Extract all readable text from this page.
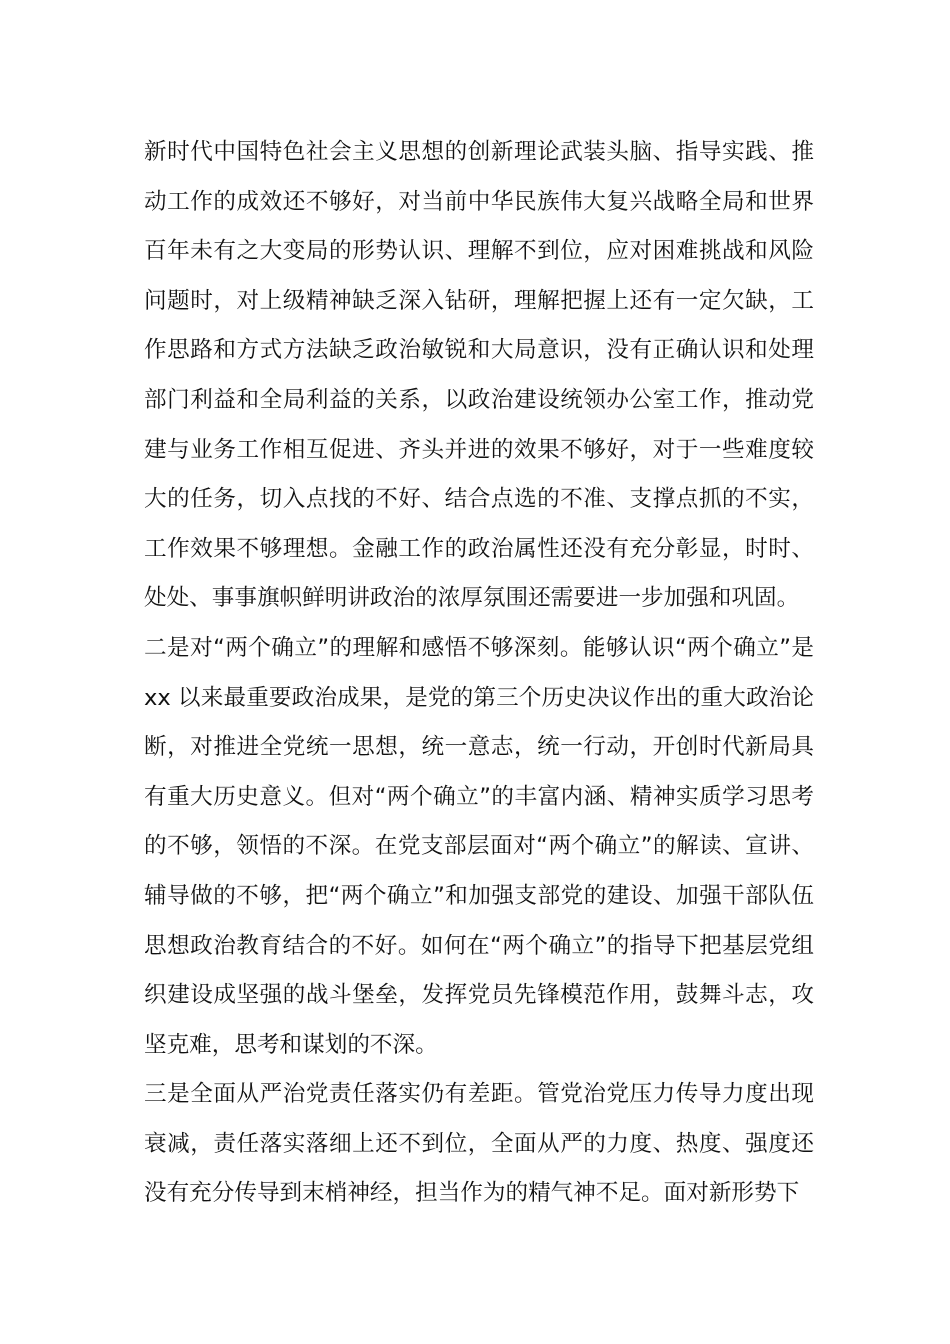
新时代中国特色社会主义思想的创新理论武装头脑、指导实践、推
动工作的成效还不够好，对当前中华民族伟大复兴战略全局和世界
百年未有之大变局的形势认识、理解不到位，应对困难挑战和风险
问题时，对上级精神缺乏深入钻研，理解把握上还有一定欠缺，工
作思路和方式方法缺乏政治敏锐和大局意识，没有正确认识和处理
部门利益和全局利益的关系，以政治建设统领办公室工作，推动党
建与业务工作相互促进、齐头并进的效果不够好，对于一些难度较
大的任务，切入点找的不好、结合点选的不准、支撑点抓的不实，
工作效果不够理想。金融工作的政治属性还没有充分彰显，时时、
处处、事事旗帜鲜明讲政治的浓厚氛围还需要进一步加强和巩固。
二是对“两个确立”的理解和感悟不够深刻。能够认识“两个确立”是
xx 以来最重要政治成果，是党的第三个历史决议作出的重大政治论
断，对推进全党统一思想，统一意志，统一行动，开创时代新局具
有重大历史意义。但对“两个确立”的丰富内涵、精神实质学习思考
的不够，领悟的不深。在党支部层面对“两个确立”的解读、宣讲、
辅导做的不够，把“两个确立”和加强支部党的建设、加强干部队伍
思想政治教育结合的不好。如何在“两个确立”的指导下把基层党组
织建设成坚强的战斗堡垒，发挥党员先锋模范作用，鼓舞斗志，攻
坚克难，思考和谋划的不深。
三是全面从严治党责任落实仍有差距。管党治党压力传导力度出现
衰减，责任落实落细上还不到位，全面从严的力度、热度、强度还
没有充分传导到末梢神经，担当作为的精气神不足。面对新形势下
